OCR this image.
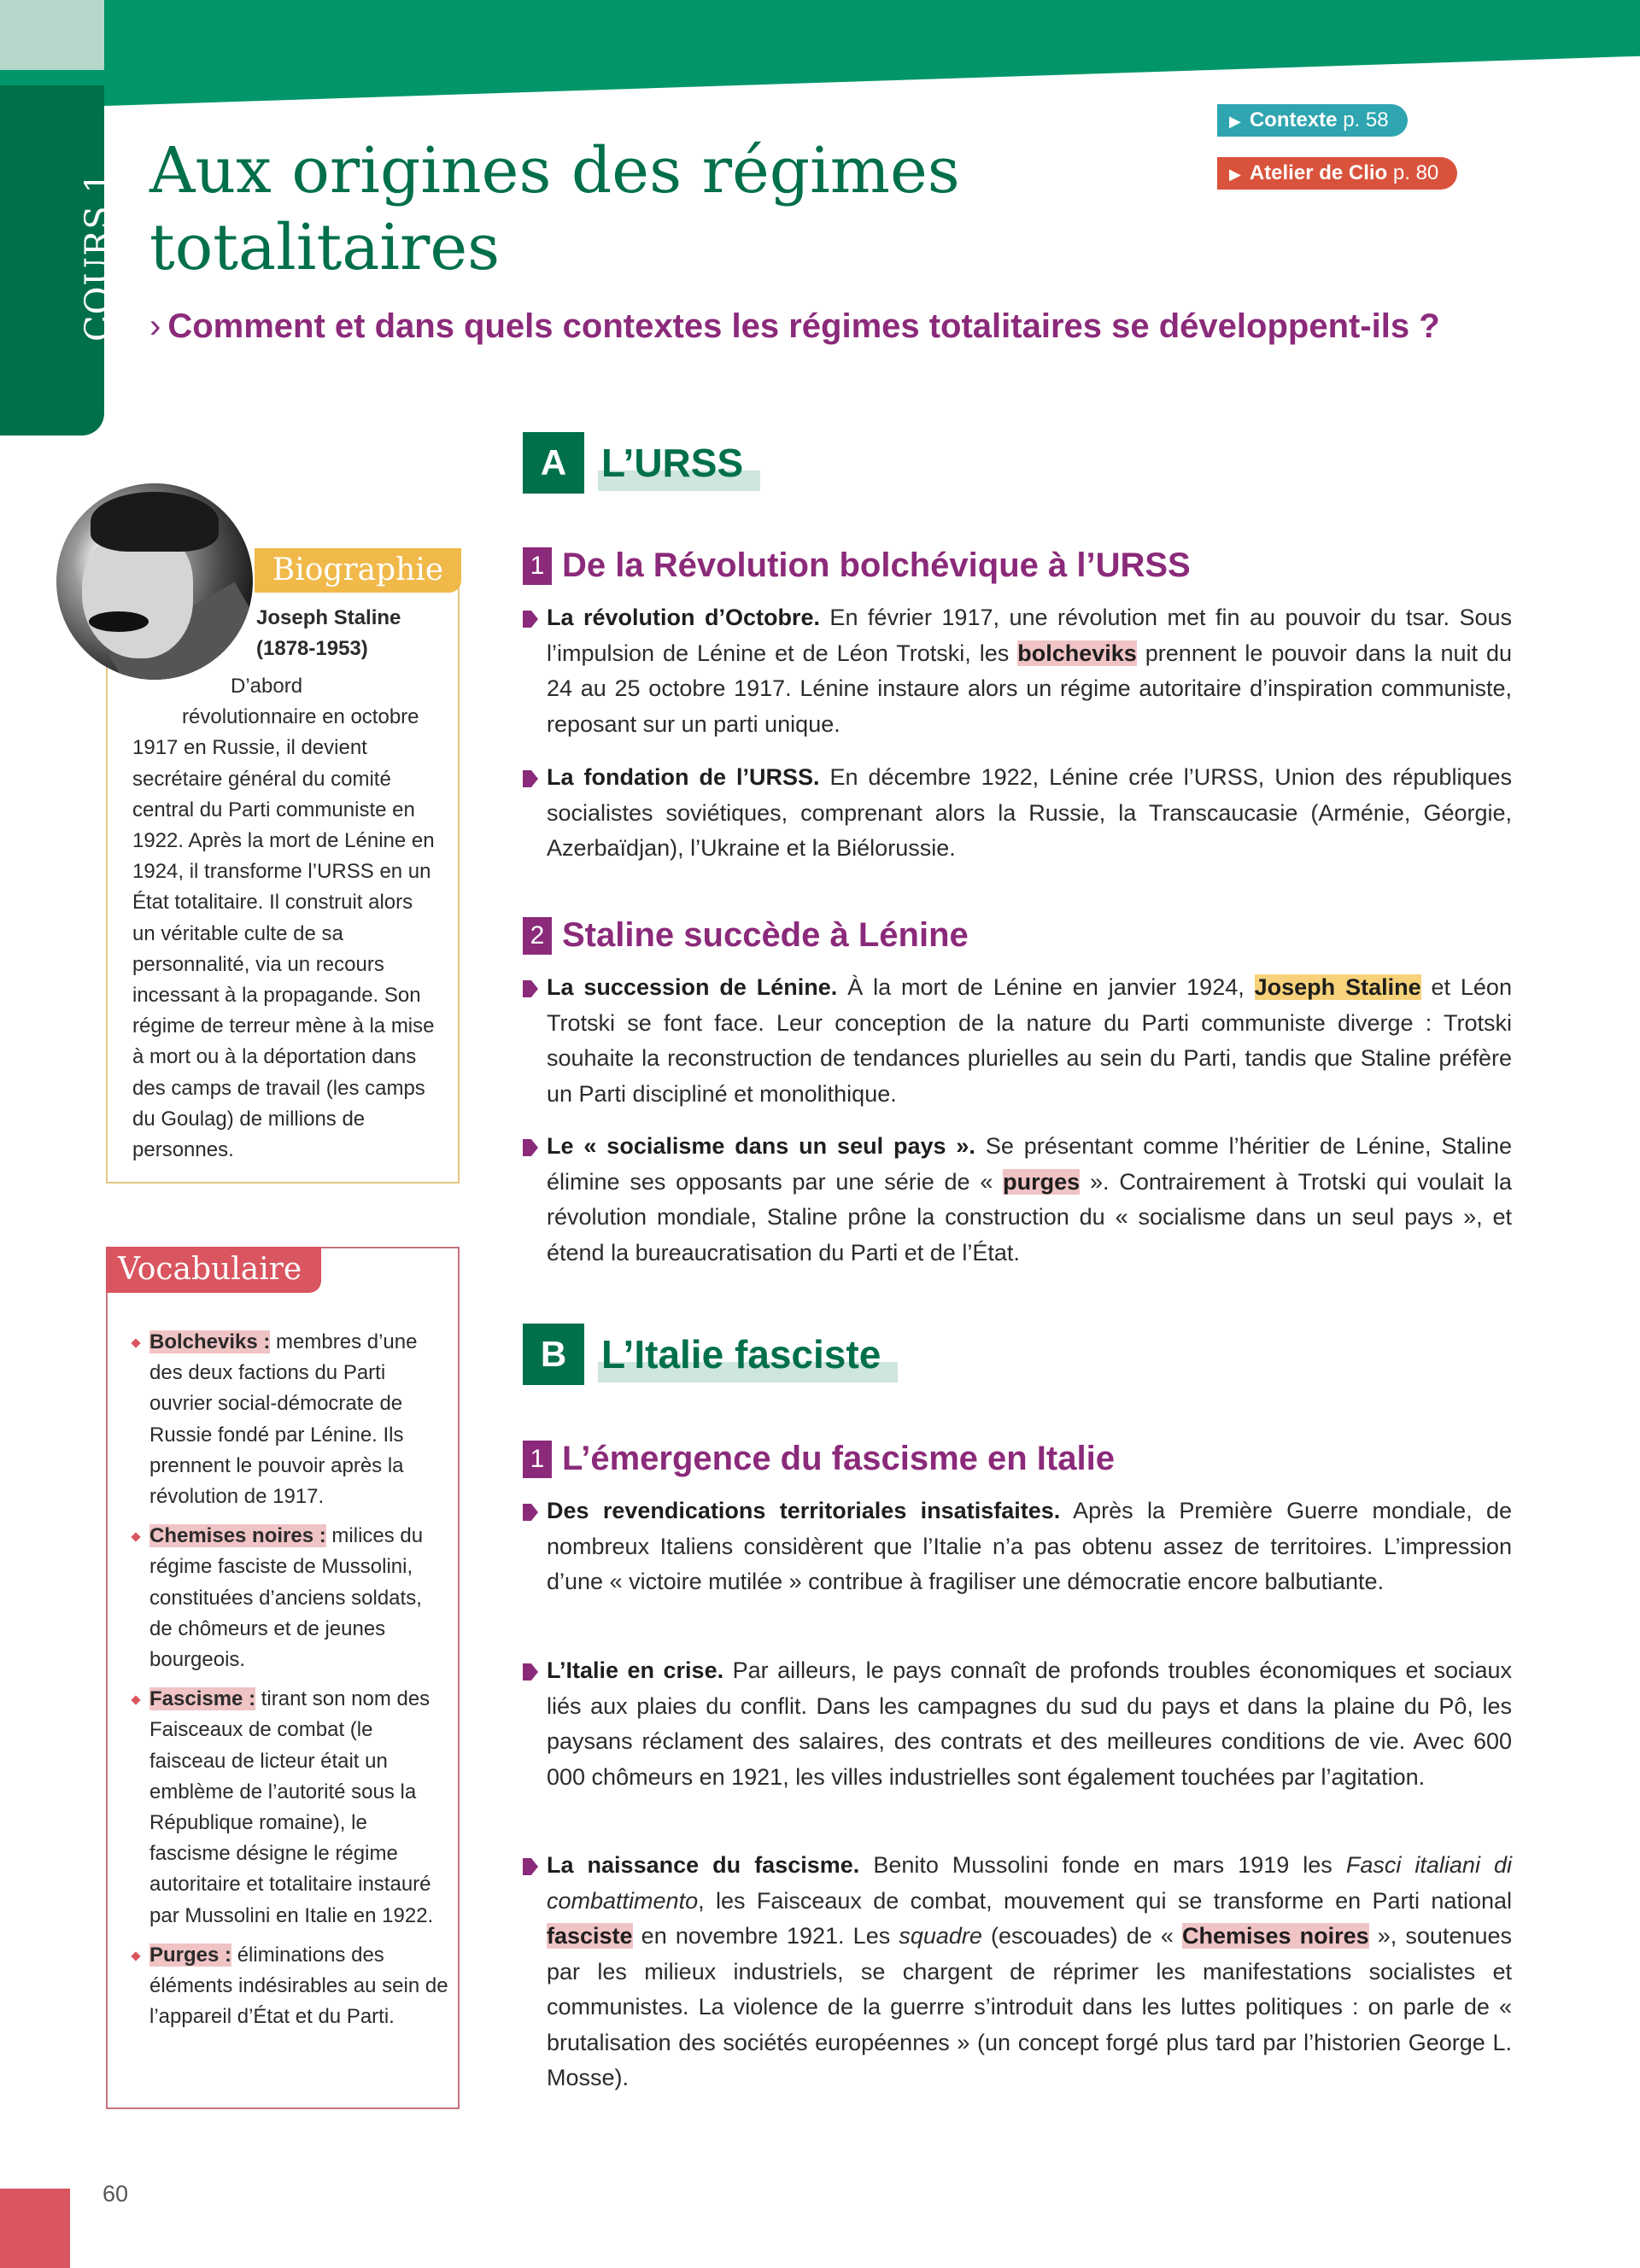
COURS 1
Aux origines des régimes totalitaires
▶ Contexte p. 58
▶ Atelier de Clio p. 80
› Comment et dans quels contextes les régimes totalitaires se développent-ils ?
Biographie
Joseph Staline
(1878-1953)
D’abord
révolutionnaire en octobre
1917 en Russie, il devient secrétaire général du comité central du Parti communiste en 1922. Après la mort de Lénine en 1924, il transforme l’URSS en un État totalitaire. Il construit alors un véritable culte de sa personnalité, via un recours incessant à la propagande. Son régime de terreur mène à la mise à mort ou à la déportation dans des camps de travail (les camps du Goulag) de millions de personnes.
Vocabulaire
Bolcheviks : membres d’une des deux factions du Parti ouvrier social-démocrate de Russie fondé par Lénine. Ils prennent le pouvoir après la révolution de 1917.
Chemises noires : milices du régime fasciste de Mussolini, constituées d’anciens soldats, de chômeurs et de jeunes bourgeois.
Fascisme : tirant son nom des Faisceaux de combat (le faisceau de licteur était un emblème de l’autorité sous la République romaine), le fascisme désigne le régime autoritaire et totalitaire instauré par Mussolini en Italie en 1922.
Purges : éliminations des éléments indésirables au sein de l’appareil d’État et du Parti.
A L’URSS
1 De la Révolution bolchévique à l’URSS

La révolution d’Octobre. En février 1917, une révolution met fin au pouvoir du tsar. Sous l’impulsion de Lénine et de Léon Trotski, les bolcheviks prennent le pouvoir dans la nuit du 24 au 25 octobre 1917. Lénine instaure alors un régime autoritaire d’inspiration communiste, reposant sur un parti unique.

La fondation de l’URSS. En décembre 1922, Lénine crée l’URSS, Union des républiques socialistes soviétiques, comprenant alors la Russie, la Transcaucasie (Arménie, Géorgie, Azerbaïdjan), l’Ukraine et la Biélorussie.

2 Staline succède à Lénine

La succession de Lénine. À la mort de Lénine en janvier 1924, Joseph Staline et Léon Trotski se font face. Leur conception de la nature du Parti communiste diverge : Trotski souhaite la reconstruction de tendances plurielles au sein du Parti, tandis que Staline préfère un Parti discipliné et monolithique.

Le « socialisme dans un seul pays ». Se présentant comme l’héritier de Lénine, Staline élimine ses opposants par une série de « purges ». Contrairement à Trotski qui voulait la révolution mondiale, Staline prône la construction du « socialisme dans un seul pays », et étend la bureaucratisation du Parti et de l’État.

B L’Italie fasciste
1 L’émergence du fascisme en Italie

Des revendications territoriales insatisfaites. Après la Première Guerre mondiale, de nombreux Italiens considèrent que l’Italie n’a pas obtenu assez de territoires. L’impression d’une « victoire mutilée » contribue à fragiliser une démocratie encore balbutiante.

L’Italie en crise. Par ailleurs, le pays connaît de profonds troubles économiques et sociaux liés aux plaies du conflit. Dans les campagnes du sud du pays et dans la plaine du Pô, les paysans réclament des salaires, des contrats et des meilleures conditions de vie. Avec 600 000 chômeurs en 1921, les villes industrielles sont également touchées par l’agitation.

La naissance du fascisme. Benito Mussolini fonde en mars 1919 les Fasci italiani di combattimento, les Faisceaux de combat, mouvement qui se transforme en Parti national fasciste en novembre 1921. Les squadre (escouades) de « Chemises noires », soutenues par les milieux industriels, se chargent de réprimer les manifestations socialistes et communistes. La violence de la guerrre s’introduit dans les luttes politiques : on parle de « brutalisation des sociétés européennes » (un concept forgé plus tard par l’historien George L. Mosse).

60
